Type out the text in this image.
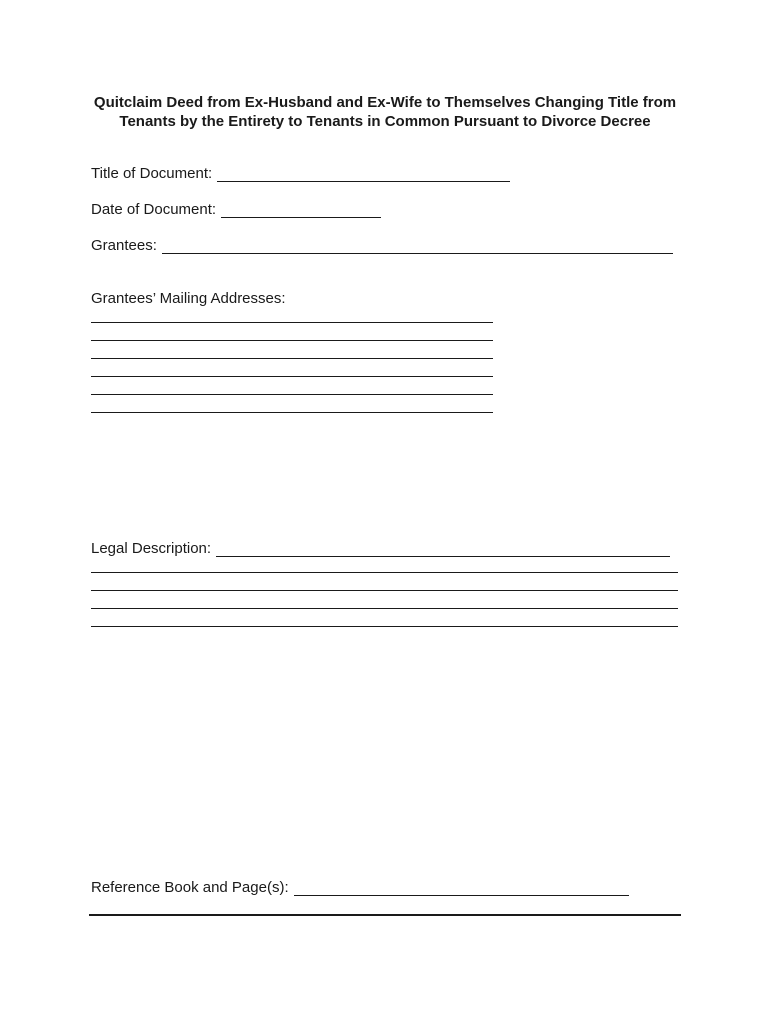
Quitclaim Deed from Ex-Husband and Ex-Wife to Themselves Changing Title from
Tenants by the Entirety to Tenants in Common Pursuant to Divorce Decree
Title of Document:
Date of Document:
Grantees:
Grantees’ Mailing Addresses:
Legal Description:
Reference Book and Page(s):
